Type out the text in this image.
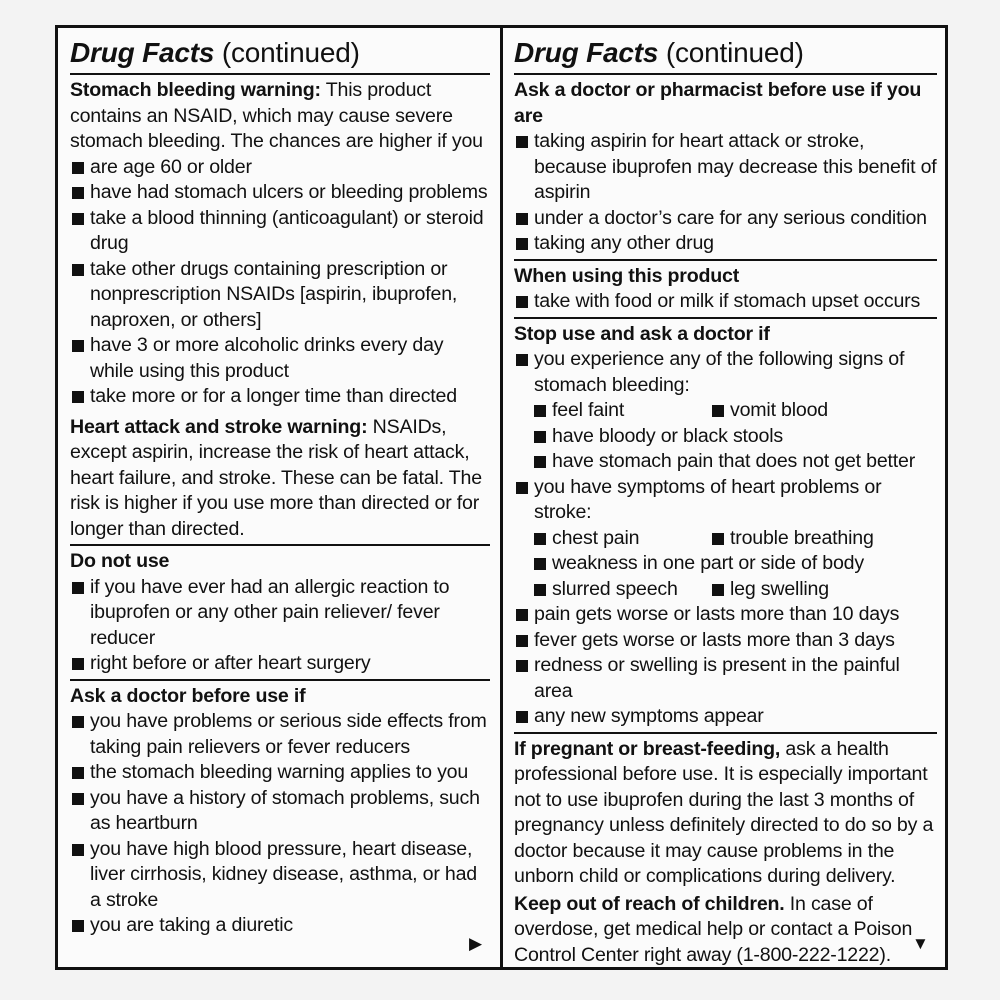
Drug Facts (continued)
Stomach bleeding warning: This product contains an NSAID, which may cause severe stomach bleeding. The chances are higher if you
are age 60 or older
have had stomach ulcers or bleeding problems
take a blood thinning (anticoagulant) or steroid drug
take other drugs containing prescription or nonprescription NSAIDs [aspirin, ibuprofen, naproxen, or others]
have 3 or more alcoholic drinks every day while using this product
take more or for a longer time than directed
Heart attack and stroke warning: NSAIDs, except aspirin, increase the risk of heart attack, heart failure, and stroke. These can be fatal. The risk is higher if you use more than directed or for longer than directed.
Do not use
if you have ever had an allergic reaction to ibuprofen or any other pain reliever/ fever reducer
right before or after heart surgery
Ask a doctor before use if
you have problems or serious side effects from taking pain relievers or fever reducers
the stomach bleeding warning applies to you
you have a history of stomach problems, such as heartburn
you have high blood pressure, heart disease, liver cirrhosis, kidney disease, asthma, or had a stroke
you are taking a diuretic
▶
Drug Facts (continued)
Ask a doctor or pharmacist before use if you are
taking aspirin for heart attack or stroke, because ibuprofen may decrease this benefit of aspirin
under a doctor’s care for any serious condition
taking any other drug
When using this product
take with food or milk if stomach upset occurs
Stop use and ask a doctor if
you experience any of the following signs of stomach bleeding:
feel faint	vomit blood
have bloody or black stools
have stomach pain that does not get better
you have symptoms of heart problems or stroke:
chest pain	trouble breathing
weakness in one part or side of body
slurred speech	leg swelling
pain gets worse or lasts more than 10 days
fever gets worse or lasts more than 3 days
redness or swelling is present in the painful area
any new symptoms appear
If pregnant or breast-feeding, ask a health professional before use. It is especially important not to use ibuprofen during the last 3 months of pregnancy unless definitely directed to do so by a doctor because it may cause problems in the unborn child or complications during delivery.
Keep out of reach of children. In case of overdose, get medical help or contact a Poison Control Center right away (1-800-222-1222).	▼
